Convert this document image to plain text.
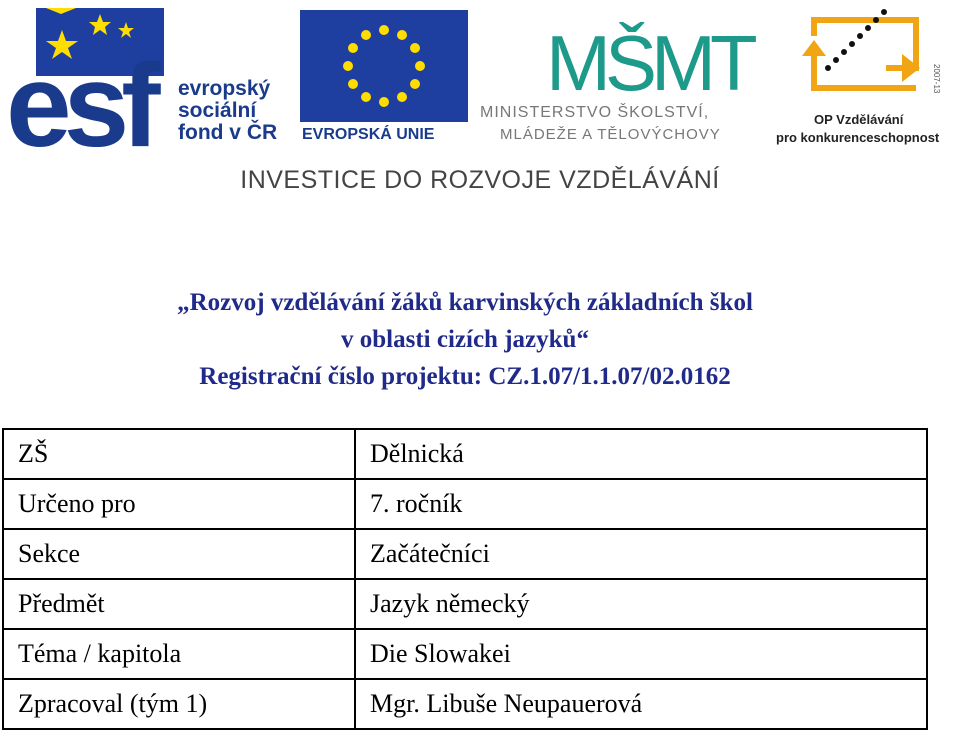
esf	evropský
sociální
fond v ČR EVROPSKÁ UNIE
MŠMT
MINISTERSTVO ŠKOLSTVÍ,
MLÁDEŽE A TĚLOVÝCHOVY
2007-13
OP Vzdělávání
pro konkurenceschopnost
INVESTICE DO ROZVOJE VZDĚLÁVÁNÍ
„Rozvoj vzdělávání žáků karvinských základních škol
v oblasti cizích jazyků“
Registrační číslo projektu: CZ.1.07/1.1.07/02.0162
ZŠ	Dělnická
Určeno pro	7. ročník
Sekce	Začátečníci
Předmět	Jazyk německý
Téma / kapitola	Die Slowakei
Zpracoval (tým 1)	Mgr. Libuše Neupauerová
